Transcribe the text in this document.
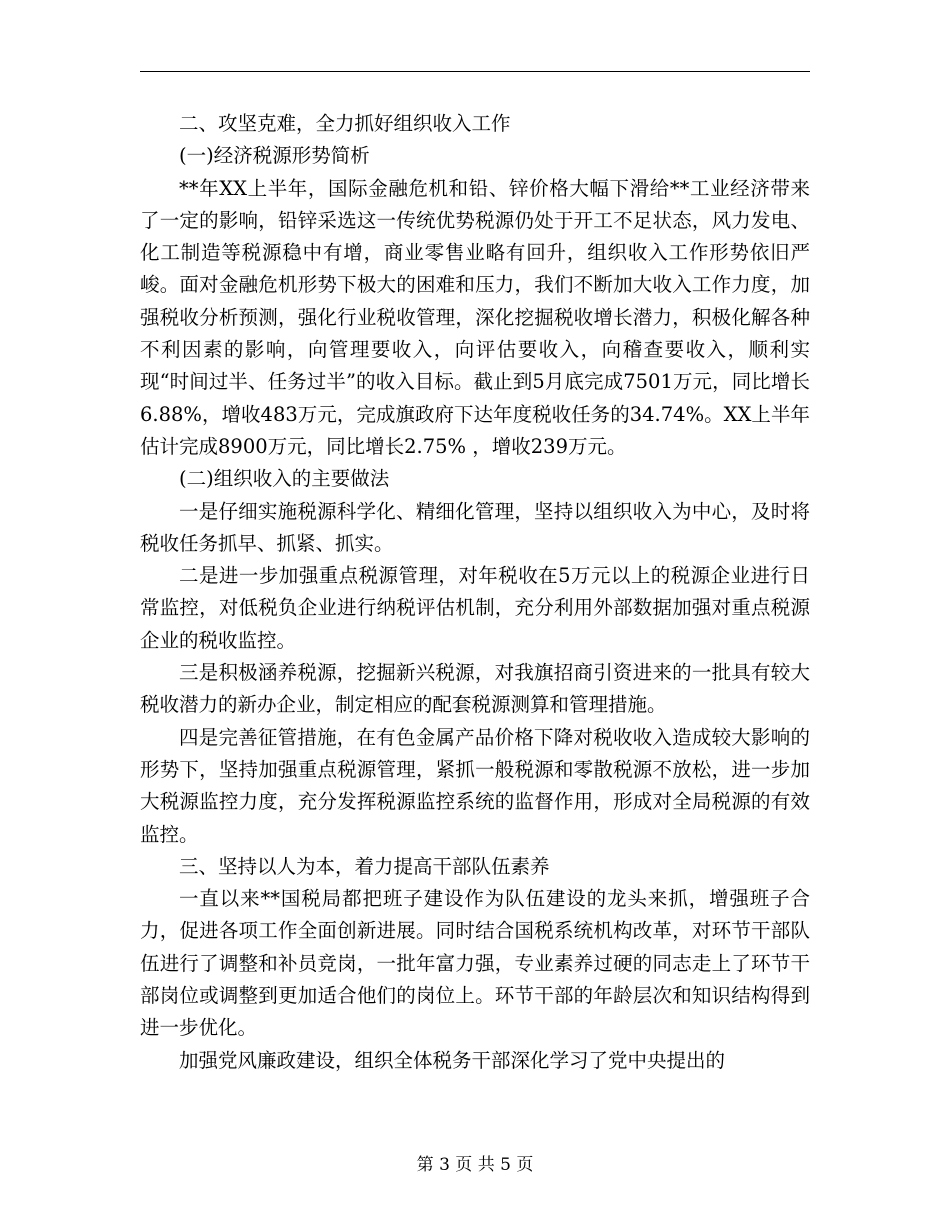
二、攻坚克难，全力抓好组织收入工作

(一)经济税源形势简析

**年XX上半年，国际金融危机和铅、锌价格大幅下滑给**工业经济带来了一定的影响，铅锌采选这一传统优势税源仍处于开工不足状态，风力发电、化工制造等税源稳中有增，商业零售业略有回升，组织收入工作形势依旧严峻。面对金融危机形势下极大的困难和压力，我们不断加大收入工作力度，加强税收分析预测，强化行业税收管理，深化挖掘税收增长潜力，积极化解各种不利因素的影响，向管理要收入，向评估要收入，向稽查要收入，顺利实现“时间过半、任务过半”的收入目标。截止到5月底完成7501万元，同比增长6.88%，增收483万元，完成旗政府下达年度税收任务的34.74%。XX上半年估计完成8900万元，同比增长2.75% ，增收239万元。

(二)组织收入的主要做法

一是仔细实施税源科学化、精细化管理，坚持以组织收入为中心，及时将税收任务抓早、抓紧、抓实。

二是进一步加强重点税源管理，对年税收在5万元以上的税源企业进行日常监控，对低税负企业进行纳税评估机制，充分利用外部数据加强对重点税源企业的税收监控。

三是积极涵养税源，挖掘新兴税源，对我旗招商引资进来的一批具有较大税收潜力的新办企业，制定相应的配套税源测算和管理措施。

四是完善征管措施，在有色金属产品价格下降对税收收入造成较大影响的形势下，坚持加强重点税源管理，紧抓一般税源和零散税源不放松，进一步加大税源监控力度，充分发挥税源监控系统的监督作用，形成对全局税源的有效监控。

三、坚持以人为本，着力提高干部队伍素养

一直以来**国税局都把班子建设作为队伍建设的龙头来抓，增强班子合力，促进各项工作全面创新进展。同时结合国税系统机构改革，对环节干部队伍进行了调整和补员竞岗，一批年富力强，专业素养过硬的同志走上了环节干部岗位或调整到更加适合他们的岗位上。环节干部的年龄层次和知识结构得到进一步优化。

加强党风廉政建设，组织全体税务干部深化学习了党中央提出的

第 3 页 共 5 页
